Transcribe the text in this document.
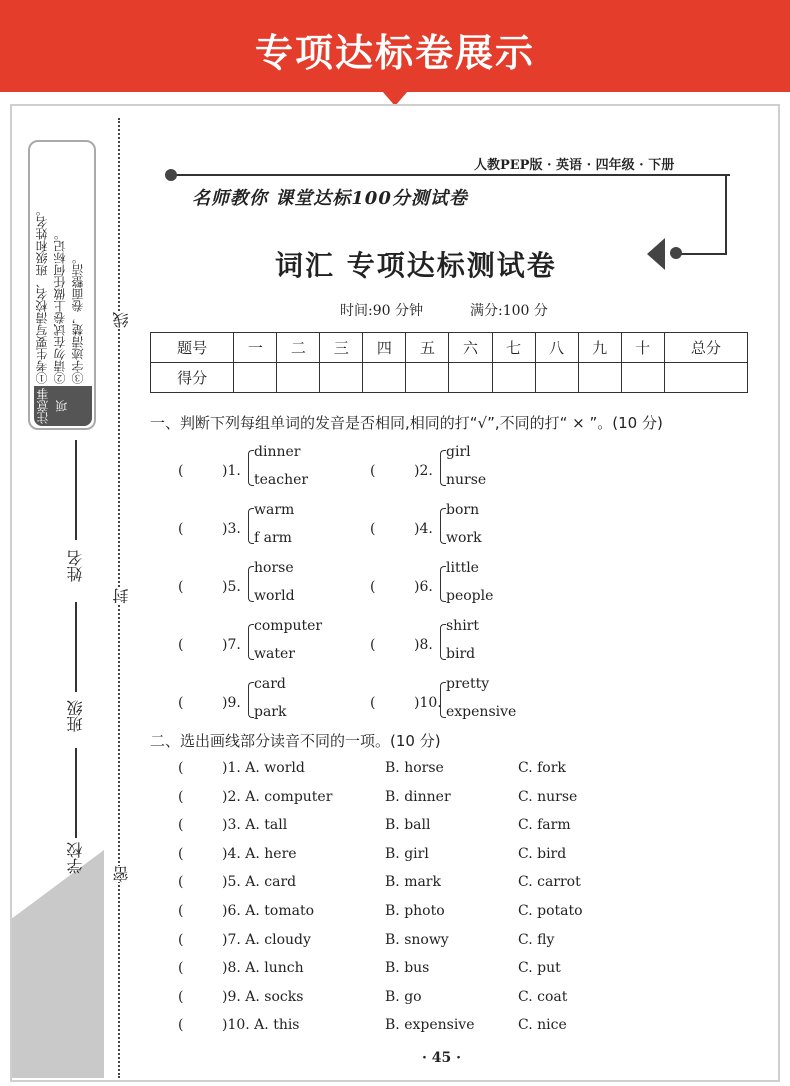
专项达标卷展示
①考生要写清校名、班级和姓名。 ②请勿在试卷上做任何标记。 ③字迹清楚，卷面整洁。
注意事项
姓名
班级
学校
线
封
密
人教PEP版 · 英语 · 四年级 · 下册
名师教你 课堂达标100分测试卷
词汇 专项达标测试卷
时间:90 分钟	满分:100 分
题号	一	二	三	四	五	六	七	八	九	十	总分
得分											
一、判断下列每组单词的发音是否相同,相同的打“√”,不同的打“ × ”。(10 分)
(	)1.
dinner
teacher
(	)2.
girl
nurse
(	)3.
warm
f arm
(	)4.
born
work
(	)5.
horse
world
(	)6.
little
people
(	)7.
computer
water
(	)8.
shirt
bird
(	)9.
card
park
(	)10.
pretty
expensive
二、选出画线部分读音不同的一项。(10 分)
(	)1. A. world	B. horse	C. fork
(	)2. A. computer	B. dinner	C. nurse
(	)3. A. tall	B. ball	C. farm
(	)4. A. here	B. girl	C. bird
(	)5. A. card	B. mark	C. carrot
(	)6. A. tomato	B. photo	C. potato
(	)7. A. cloudy	B. snowy	C. fly
(	)8. A. lunch	B. bus	C. put
(	)9. A. socks	B. go	C. coat
(	)10. A. this	B. expensive	C. nice
· 45 ·
